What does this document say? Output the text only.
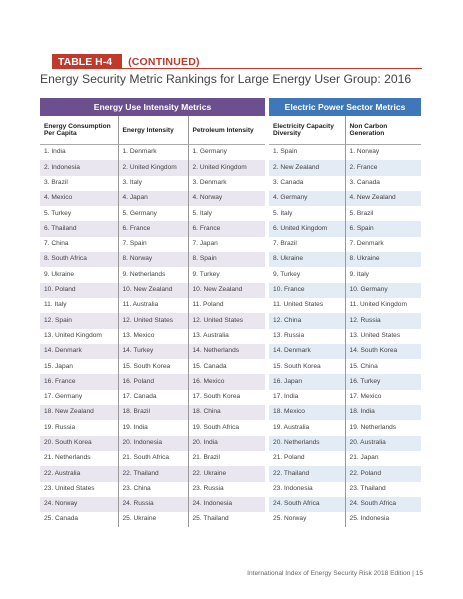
TABLE H-4	(CONTINUED)
Energy Security Metric Rankings for Large Energy User Group: 2016
Energy Use Intensity Metrics		
Energy Consumption Per Capita	Energy Intensity	Petroleum Intensity
1. India	1. Denmark	1. Germany
2. Indonesia	2. United Kingdom	2. United Kingdom
3. Brazil	3. Italy	3. Denmark
4. Mexico	4. Japan	4. Norway
5. Turkey	5. Germany	5. Italy
6. Thailand	6. France	6. France
7. China	7. Spain	7. Japan
8. South Africa	8. Norway	8. Spain
9. Ukraine	9. Netherlands	9. Turkey
10. Poland	10. New Zealand	10. New Zealand
11. Italy	11. Australia	11. Poland
12. Spain	12. United States	12. United States
13. United Kingdom	13. Mexico	13. Australia
14. Denmark	14. Turkey	14. Netherlands
15. Japan	15. South Korea	15. Canada
16. France	16. Poland	16. Mexico
17. Germany	17. Canada	17. South Korea
18. New Zealand	18. Brazil	18. China
19. Russia	19. India	19. South Africa
20. South Korea	20. Indonesia	20. India
21. Netherlands	21. South Africa	21. Brazil
22. Australia	22. Thailand	22. Ukraine
23. United States	23. China	23. Russia
24. Norway	24. Russia	24. Indonesia
25. Canada	25. Ukraine	25. Thailand
Electric Power Sector Metrics	
Electricity Capacity Diversity	Non Carbon Generation
1. Spain	1. Norway
2. New Zealand	2. France
3. Canada	3. Canada
4. Germany	4. New Zealand
5. Italy	5. Brazil
6. United Kingdom	6. Spain
7. Brazil	7. Denmark
8. Ukraine	8. Ukraine
9. Turkey	9. Italy
10. France	10. Germany
11. United States	11. United Kingdom
12. China	12. Russia
13. Russia	13. United States
14. Denmark	14. South Korea
15. South Korea	15. China
16. Japan	16. Turkey
17. India	17. Mexico
18. Mexico	18. India
19. Australia	19. Netherlands
20. Netherlands	20. Australia
21. Poland	21. Japan
22. Thailand	22. Poland
23. Indonesia	23. Thailand
24. South Africa	24. South Africa
25. Norway	25. Indonesia
International Index of Energy Security Risk 2018 Edition | 15
